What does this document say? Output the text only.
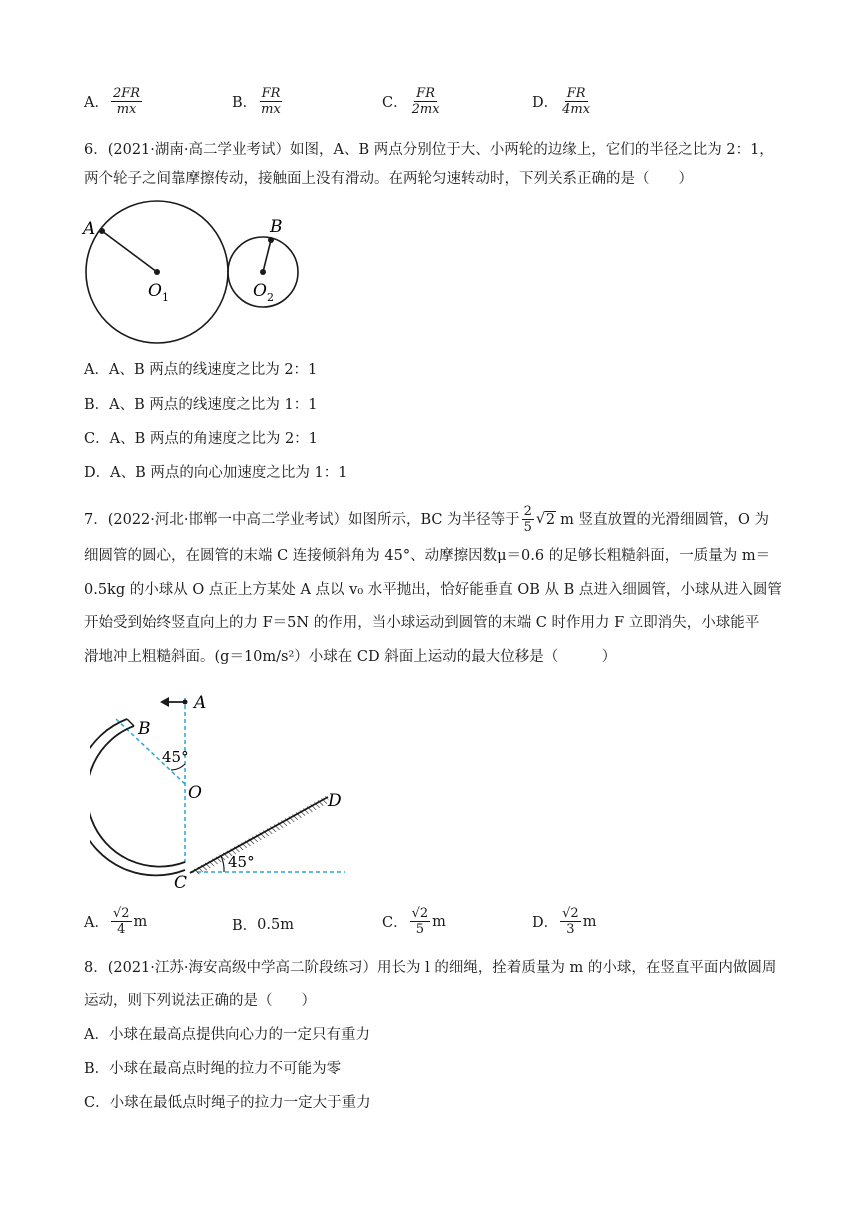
A． $\frac{2FR}{mx}$	B． $\frac{FR}{mx}$	C． $\frac{FR}{2mx}$	D． $\frac{FR}{4mx}$
6．(2021·湖南·高二学业考试）如图，A、B 两点分别位于大、小两轮的边缘上，它们的半径之比为 2：1，
两个轮子之间靠摩擦传动，接触面上没有滑动。在两轮匀速转动时，下列关系正确的是（　　）
A	B
O 1	O 2
A．A、B 两点的线速度之比为 2：1
B．A、B 两点的线速度之比为 1：1
C．A、B 两点的角速度之比为 2：1
D．A、B 两点的向心加速度之比为 1：1
7．(2022·河北·邯郸一中高二学业考试）如图所示，BC 为半径等于 $\frac{2}{5}$
√ 2 m 竖直放置的光滑细圆管，O 为
细圆管的圆心，在圆管的末端 C 连接倾斜角为 45°、动摩擦因数μ＝0.6 的足够长粗糙斜面，一质量为 m＝
0.5kg 的小球从 O 点正上方某处 A 点以 v₀ 水平抛出，恰好能垂直 OB 从 B 点进入细圆管，小球从进入圆管
开始受到始终竖直向上的力 F＝5N 的作用，当小球运动到圆管的末端 C 时作用力 F 立即消失，小球能平
滑地冲上粗糙斜面。(g＝10m/s²）小球在 CD 斜面上运动的最大位移是（　　　）
A
B
O
C
D
45°
45°
A． $\frac{√2}{4}$ m	B． 0.5m	C． $\frac{√2}{5}$ m	D． $\frac{√2}{3}$ m
8．(2021·江苏·海安高级中学高二阶段练习）用长为 l 的细绳，拴着质量为 m 的小球，在竖直平面内做圆周
运动，则下列说法正确的是（　　）
A．小球在最高点提供向心力的一定只有重力
B．小球在最高点时绳的拉力不可能为零
C．小球在最低点时绳子的拉力一定大于重力
